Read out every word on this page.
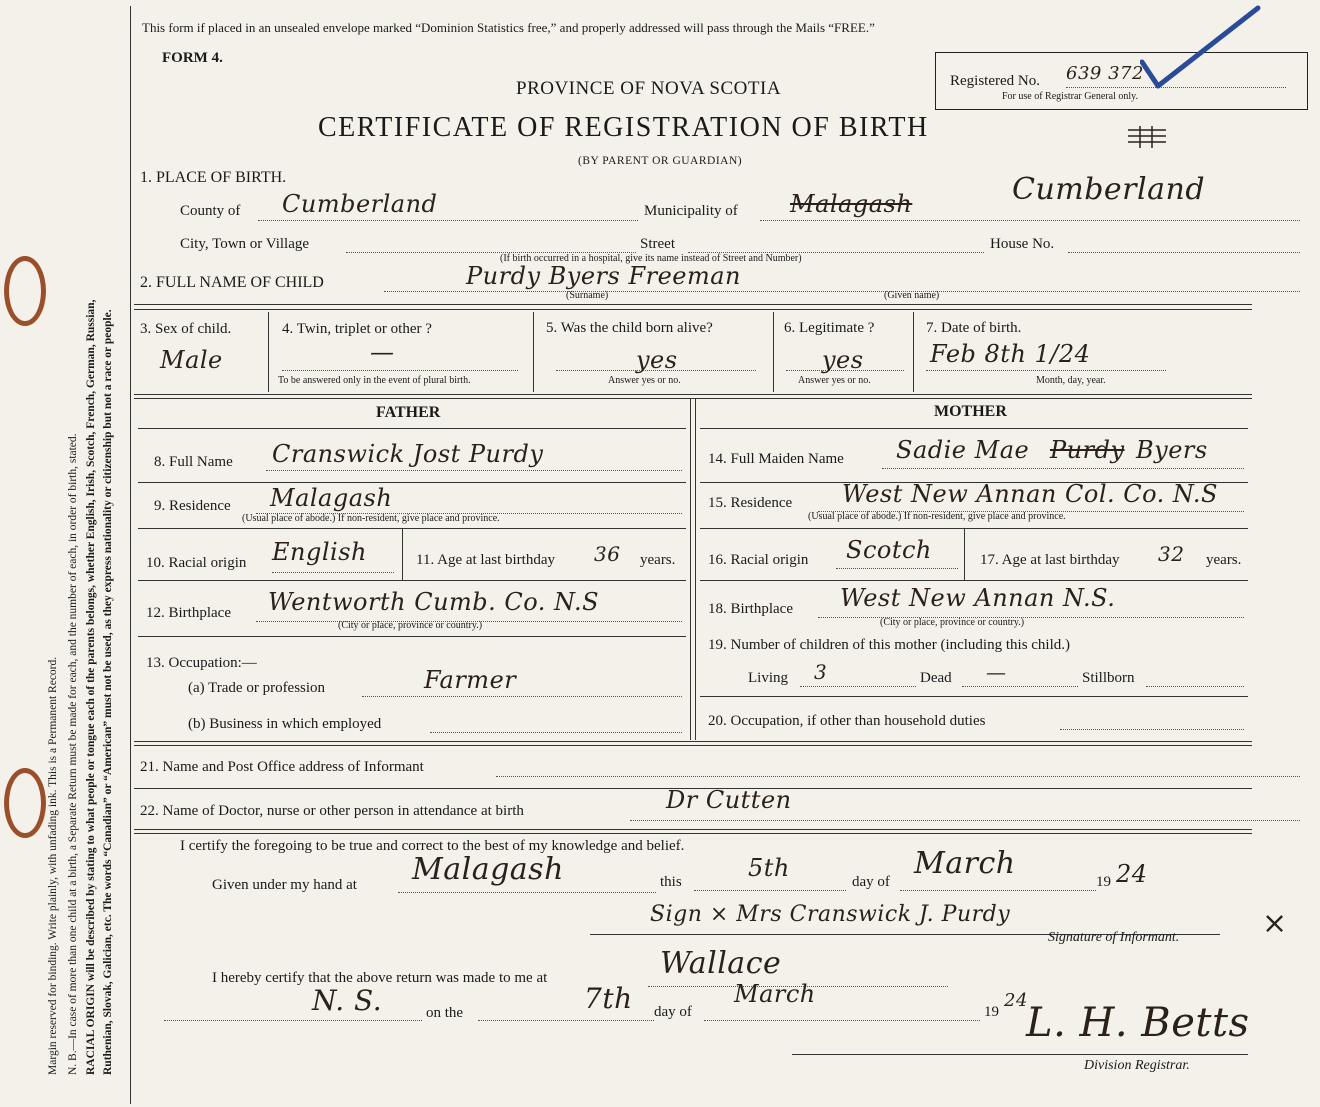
Margin reserved for binding. Write plainly, with unfading ink. This is a Permanent Record. N. B.—In case of more than one child at a birth, a Separate Return must be made for each, and the number of each, in order of birth, stated. RACIAL ORIGIN will be described by stating to what people or tongue each of the parents belongs, whether English, Irish, Scotch, French, German, Russian, Ruthenian, Slovak, Galician, etc. The words “Canadian” or “American” must not be used, as they express nationality or citizenship but not a race or people.
This form if placed in an unsealed envelope marked “Dominion Statistics free,” and properly addressed will pass through the Mails “FREE.”
FORM 4.
PROVINCE OF NOVA SCOTIA
CERTIFICATE OF REGISTRATION OF BIRTH
(BY PARENT OR GUARDIAN)
Registered No. 639 372
For use of Registrar General only.
1. PLACE OF BIRTH.
County of Cumberland	Municipality of Malagash	Cumberland
City, Town or Village	Street	House No.
(If birth occurred in a hospital, give its name instead of Street and Number)
2. FULL NAME OF CHILD	Purdy Byers Freeman
(Surname)	(Given name)
3. Sex of child.
Male
4. Twin, triplet or other ?
—
To be answered only in the event of plural birth.
5. Was the child born alive?
yes
Answer yes or no.
6. Legitimate ?
yes
Answer yes or no.
7. Date of birth.
Feb 8th 1/24
Month, day, year.
FATHER	MOTHER
8. Full Name Cranswick Jost Purdy
9. Residence Malagash
(Usual place of abode.) If non-resident, give place and province.
10. Racial origin English	11. Age at last birthday 36 years.
12. Birthplace Wentworth Cumb. Co. N.S
(City or place, province or country.)
13. Occupation:—
(a) Trade or profession	Farmer
(b) Business in which employed
14. Full Maiden Name Sadie Mae Purdy Byers
15. Residence West New Annan Col. Co. N.S
(Usual place of abode.) If non-resident, give place and province.
16. Racial origin Scotch	17. Age at last birthday 32 years.
18. Birthplace West New Annan N.S.
(City or place, province or country.)
19. Number of children of this mother (including this child.)
Living 3	Dead —	Stillborn
20. Occupation, if other than household duties
21. Name and Post Office address of Informant
22. Name of Doctor, nurse or other person in attendance at birth	Dr Cutten
I certify the foregoing to be true and correct to the best of my knowledge and belief.
Given under my hand at Malagash	this	5th	day of
March
19 24
Sign × Mrs Cranswick J. Purdy	×
Signature of Informant.
I hereby certify that the above return was made to me at	Wallace
N. S.	on the	7th day of
March
19
24
L. H. Betts
Division Registrar.
